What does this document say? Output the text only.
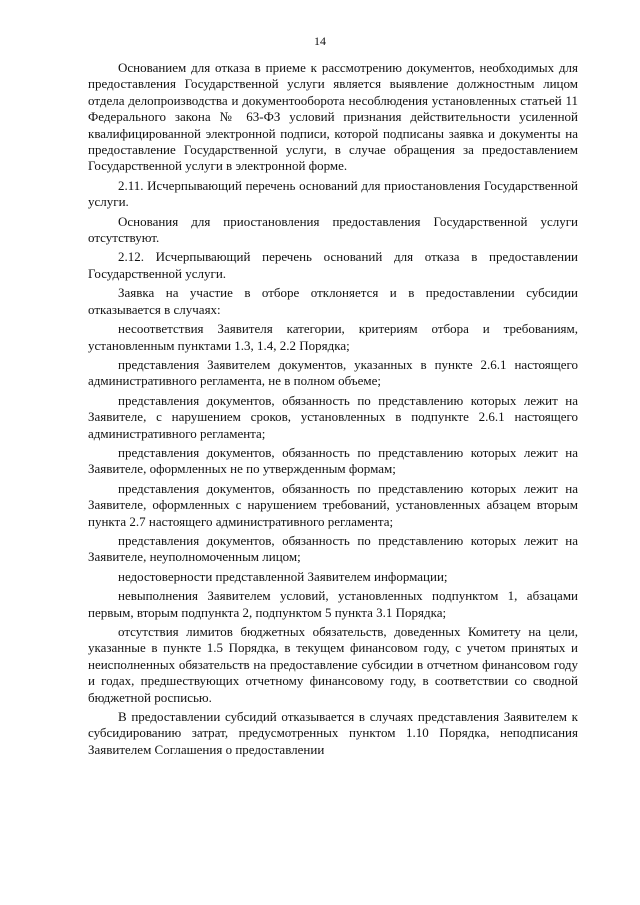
14

Основанием для отказа в приеме к рассмотрению документов, необходимых для предоставления Государственной услуги является выявление должностным лицом отдела делопроизводства и документооборота несоблюдения установленных статьей 11 Федерального закона № 63-ФЗ условий признания действительности усиленной квалифицированной электронной подписи, которой подписаны заявка и документы на предоставление Государственной услуги, в случае обращения за предоставлением Государственной услуги в электронной форме.

2.11. Исчерпывающий перечень оснований для приостановления Государственной услуги.

Основания для приостановления предоставления Государственной услуги отсутствуют.

2.12. Исчерпывающий перечень оснований для отказа в предоставлении Государственной услуги.

Заявка на участие в отборе отклоняется и в предоставлении субсидии отказывается в случаях:

несоответствия Заявителя категории, критериям отбора и требованиям, установленным пунктами 1.3, 1.4, 2.2 Порядка;

представления Заявителем документов, указанных в пункте 2.6.1 настоящего административного регламента, не в полном объеме;

представления документов, обязанность по представлению которых лежит на Заявителе, с нарушением сроков, установленных в подпункте 2.6.1 настоящего административного регламента;

представления документов, обязанность по представлению которых лежит на Заявителе, оформленных не по утвержденным формам;

представления документов, обязанность по представлению которых лежит на Заявителе, оформленных с нарушением требований, установленных абзацем вторым пункта 2.7 настоящего административного регламента;

представления документов, обязанность по представлению которых лежит на Заявителе, неуполномоченным лицом;

недостоверности представленной Заявителем информации;

невыполнения Заявителем условий, установленных подпунктом 1, абзацами первым, вторым подпункта 2, подпунктом 5 пункта 3.1 Порядка;

отсутствия лимитов бюджетных обязательств, доведенных Комитету на цели, указанные в пункте 1.5 Порядка, в текущем финансовом году, с учетом принятых и неисполненных обязательств на предоставление субсидии в отчетном финансовом году и годах, предшествующих отчетному финансовому году, в соответствии со сводной бюджетной росписью.

В предоставлении субсидий отказывается в случаях представления Заявителем к субсидированию затрат, предусмотренных пунктом 1.10 Порядка, неподписания Заявителем Соглашения о предоставлении
